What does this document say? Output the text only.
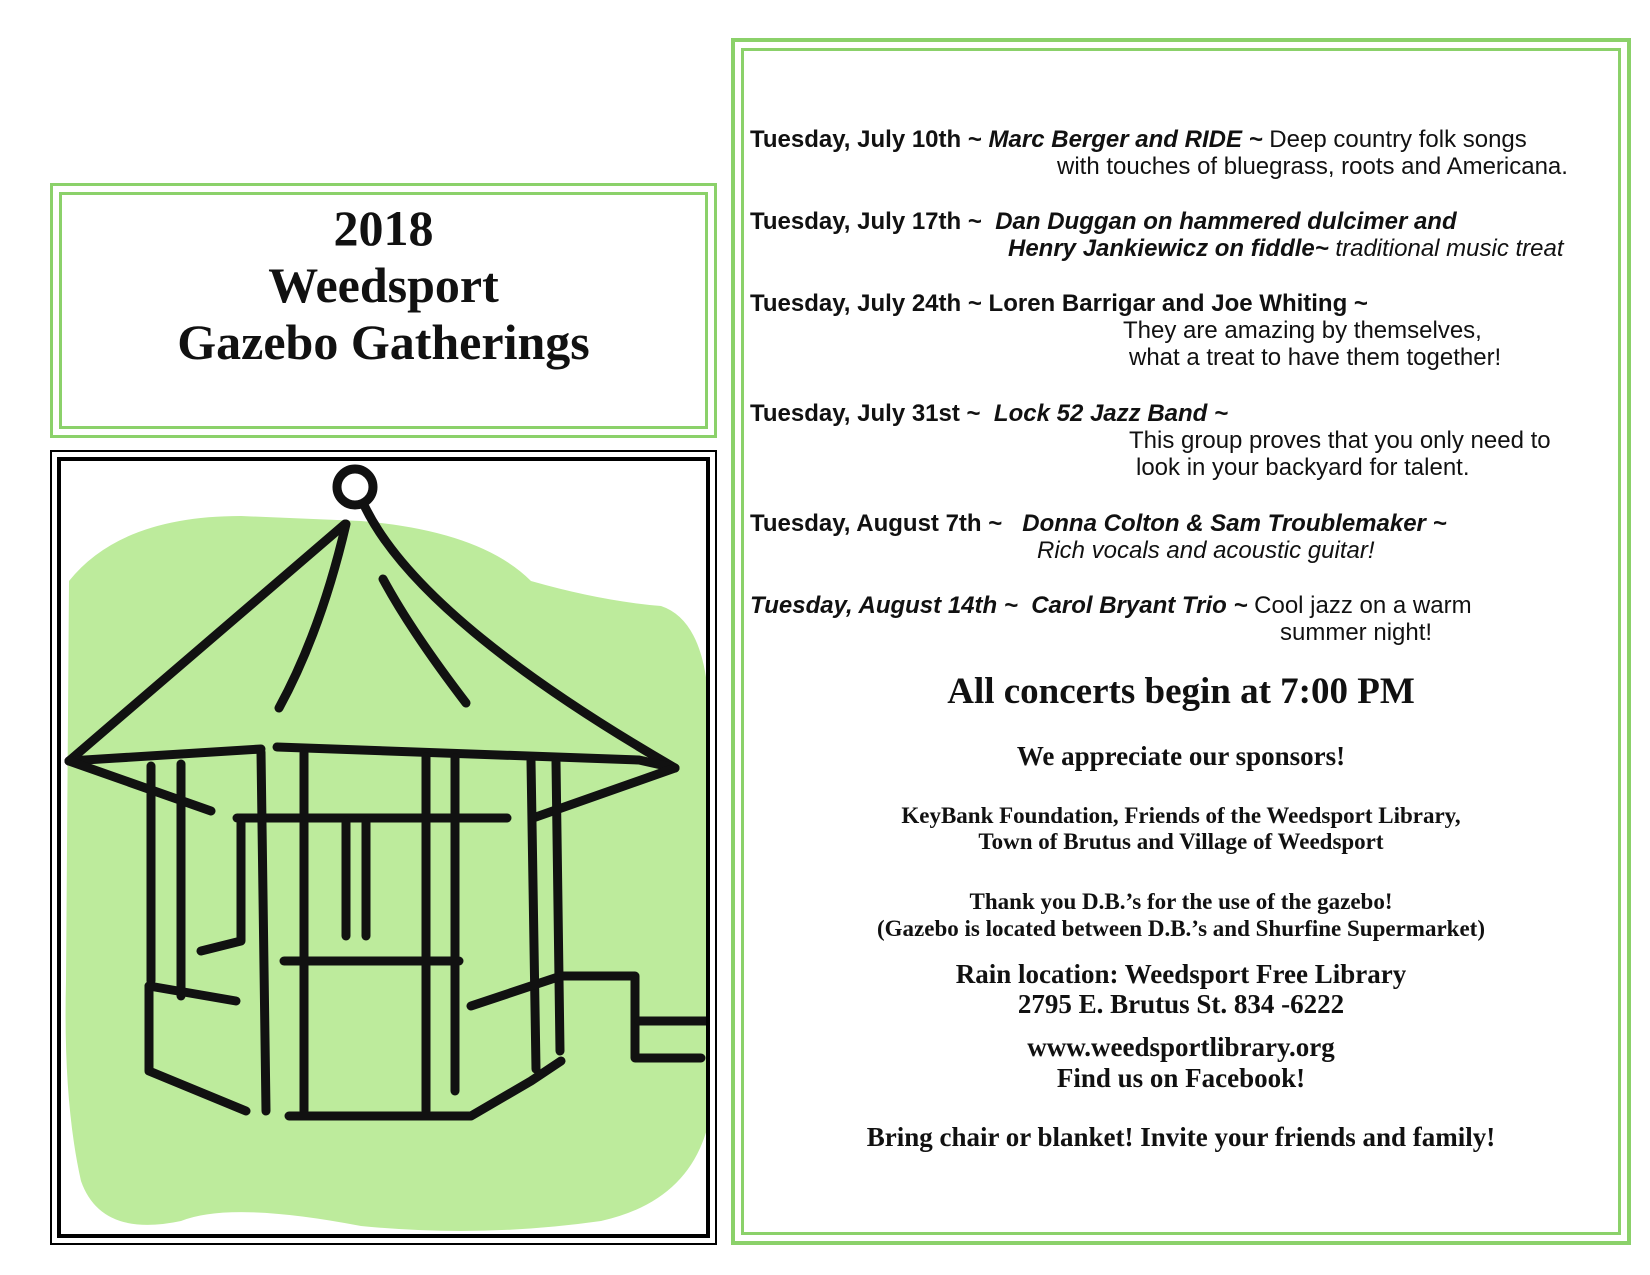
2018
Weedsport
Gazebo Gatherings
Tuesday, July 10th ~ Marc Berger and RIDE ~ Deep country folk songs
with touches of bluegrass, roots and Americana.
Tuesday, July 17th ~ Dan Duggan on hammered dulcimer and
Henry Jankiewicz on fiddle~ traditional music treat
Tuesday, July 24th ~ Loren Barrigar and Joe Whiting ~
They are amazing by themselves,
what a treat to have them together!
Tuesday, July 31st ~ Lock 52 Jazz Band ~
This group proves that you only need to
look in your backyard for talent.
Tuesday, August 7th ~ Donna Colton & Sam Troublemaker ~
Rich vocals and acoustic guitar!
Tuesday, August 14th ~ Carol Bryant Trio ~ Cool jazz on a warm
summer night!
All concerts begin at 7:00 PM
We appreciate our sponsors!
KeyBank Foundation, Friends of the Weedsport Library,
Town of Brutus and Village of Weedsport
Thank you D.B.’s for the use of the gazebo!
(Gazebo is located between D.B.’s and Shurfine Supermarket)
Rain location: Weedsport Free Library
2795 E. Brutus St. 834 -6222
www.weedsportlibrary.org
Find us on Facebook!
Bring chair or blanket! Invite your friends and family!
